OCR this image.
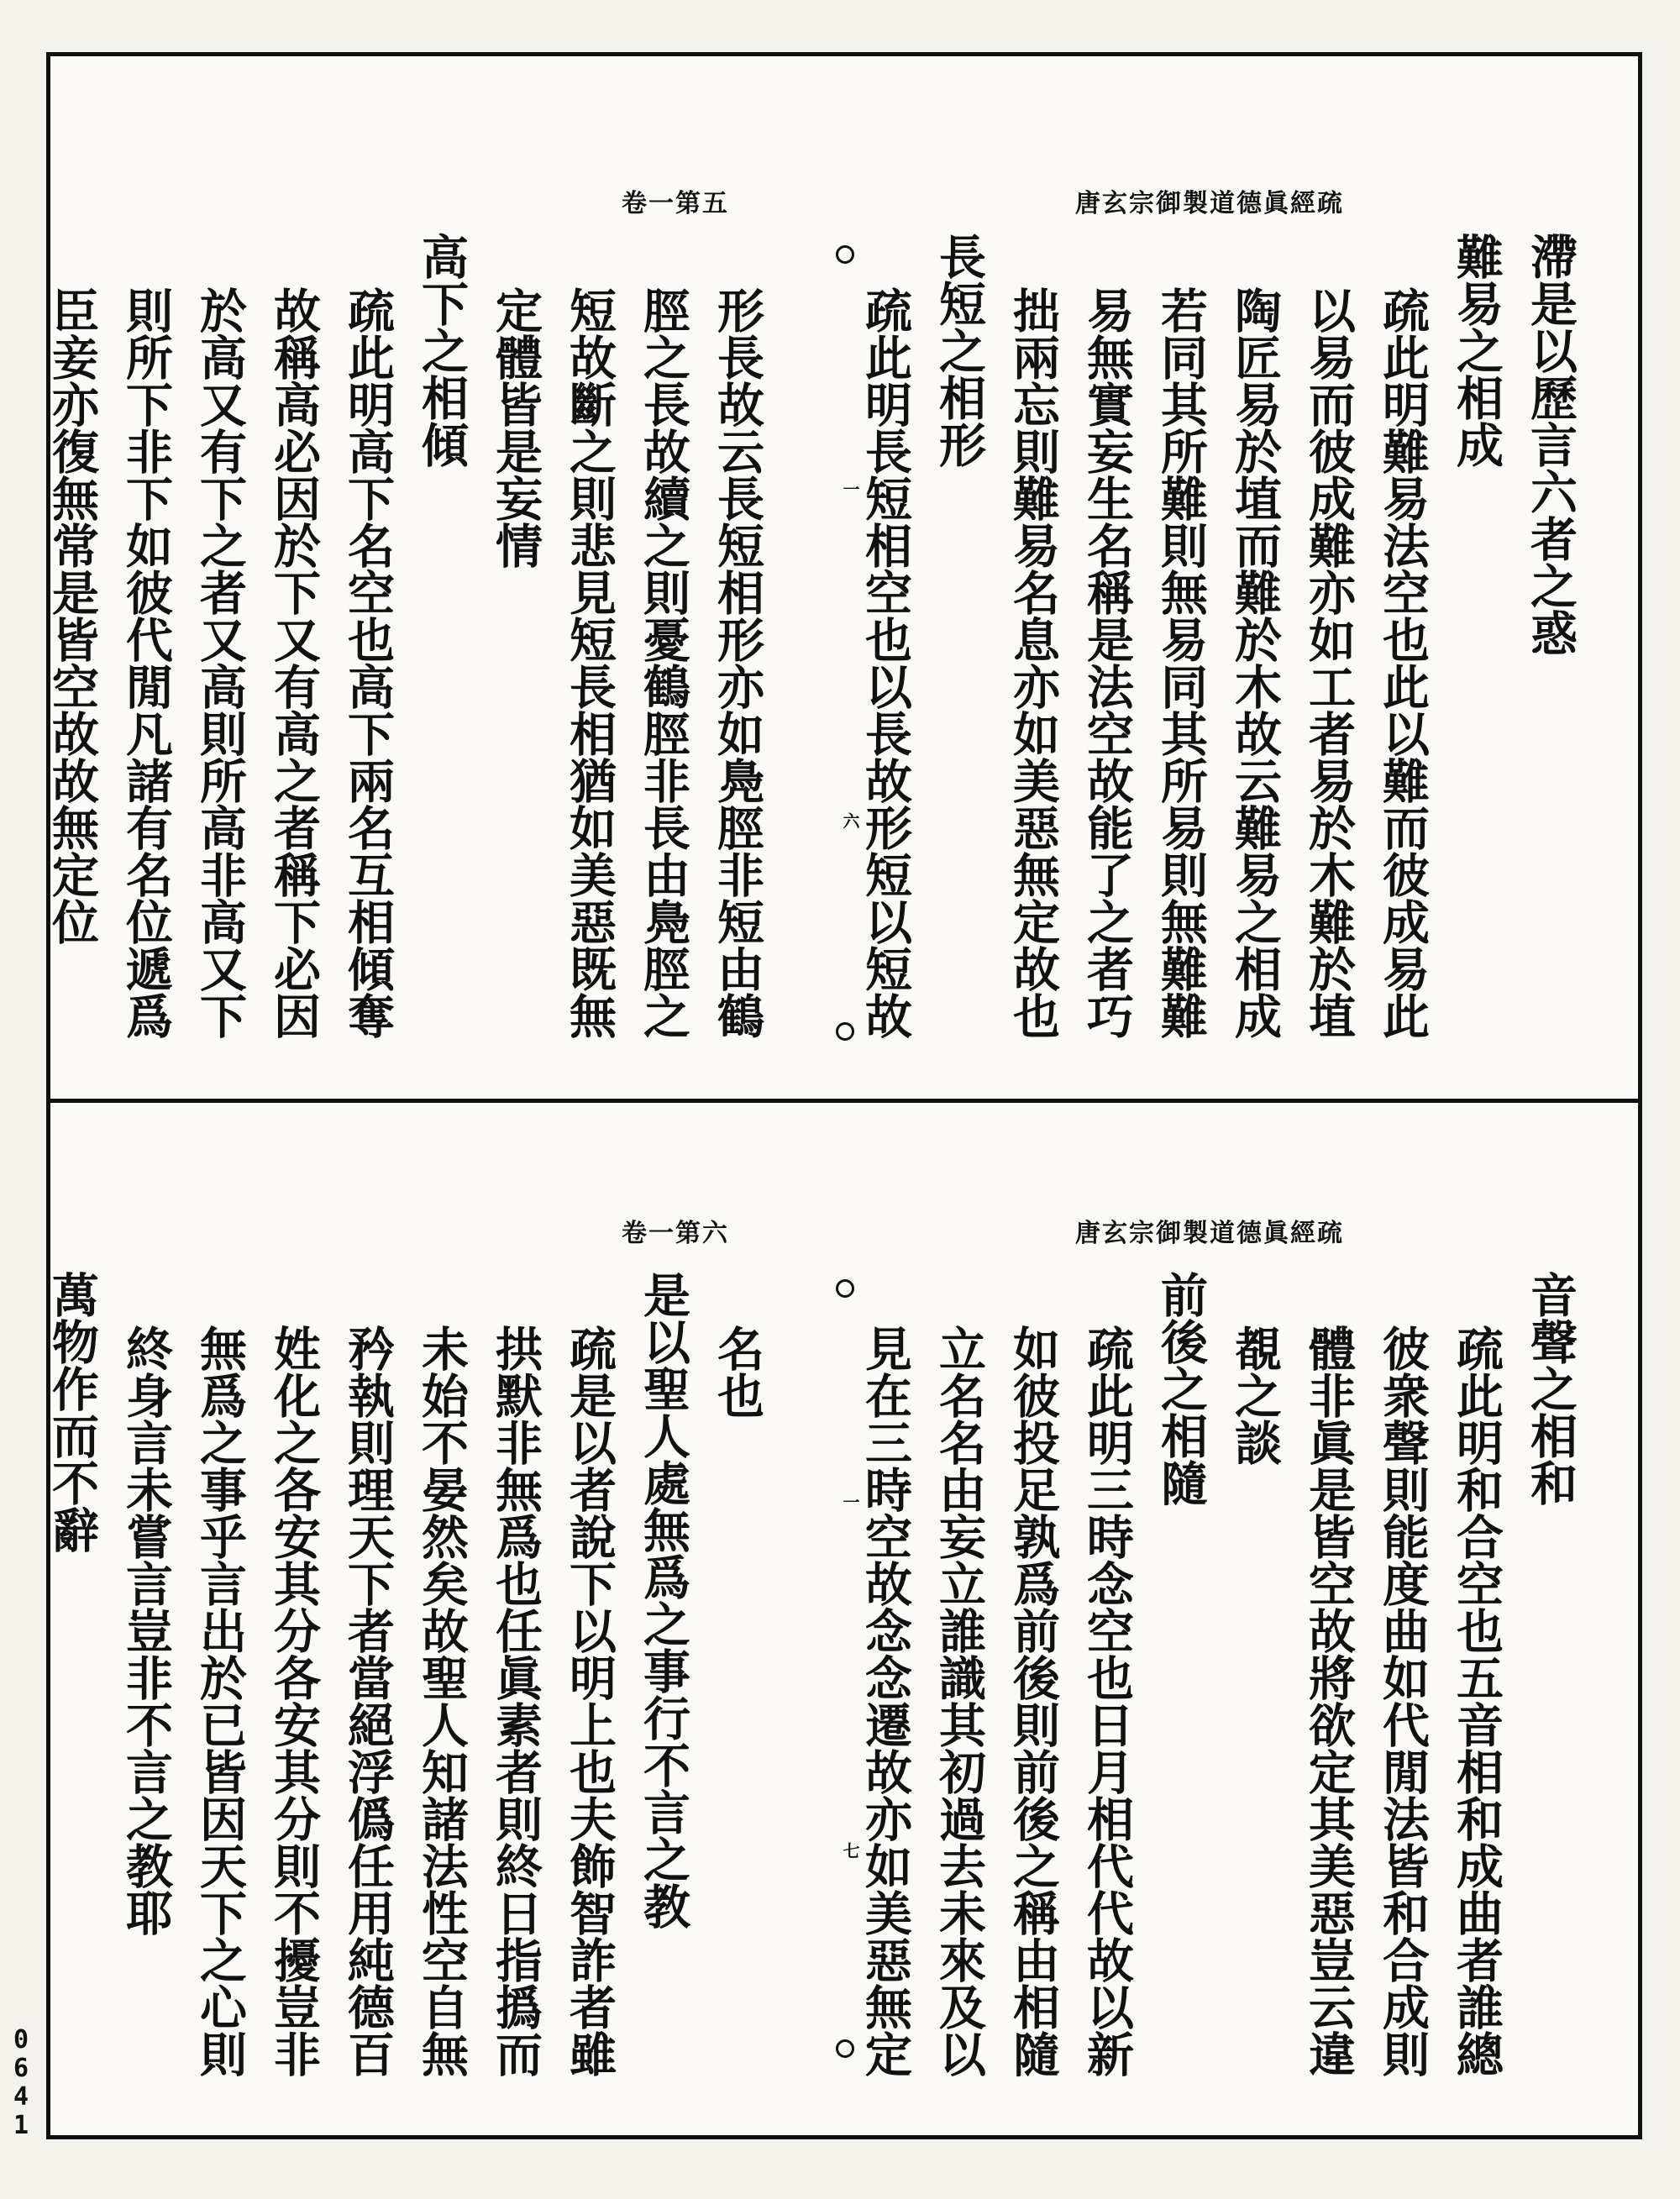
卷一第五	唐玄宗御製道德眞經疏
滯是以歷言六者之惑
難易之相成
疏此明難易法空也此以難而彼成易此
以易而彼成難亦如工者易於木難於埴
陶匠易於埴而難於木故云難易之相成
若同其所難則無易同其所易則無難難
易無實妄生名稱是法空故能了之者巧
拙兩忘則難易名息亦如美惡無定故也
長短之相形
疏此明長短相空也以長故形短以短故
形長故云長短相形亦如鳧脛非短由鶴
脛之長故續之則憂鶴脛非長由鳧脛之
短故斷之則悲見短長相猶如美惡既無
定體皆是妄情
高下之相傾
疏此明高下名空也高下兩名互相傾奪
故稱高必因於下又有高之者稱下必因
於高又有下之者又高則所高非高又下
則所下非下如彼代閒凡諸有名位遞爲
臣妾亦復無常是皆空故故無定位	一
六
卷一第六	唐玄宗御製道德眞經疏
音聲之相和
疏此明和合空也五音相和成曲者誰總
彼衆聲則能度曲如代閒法皆和合成則
體非眞是皆空故將欲定其美惡豈云違
覩之談
前後之相隨
疏此明三時念空也日月相代代故以新
如彼投足孰爲前後則前後之稱由相隨
立名名由妄立誰識其初過去未來及以
見在三時空故念念遷故亦如美惡無定
名也
是以聖人處無爲之事行不言之教
疏是以者說下以明上也夫飾智詐者雖
拱默非無爲也任眞素者則終日指撝而
未始不晏然矣故聖人知諸法性空自無
矜執則理天下者當絕浮僞任用純德百
姓化之各安其分各安其分則不擾豈非
無爲之事乎言出於已皆因天下之心則
終身言未嘗言豈非不言之教耶
萬物作而不辭	一
七
0
6
4
1
